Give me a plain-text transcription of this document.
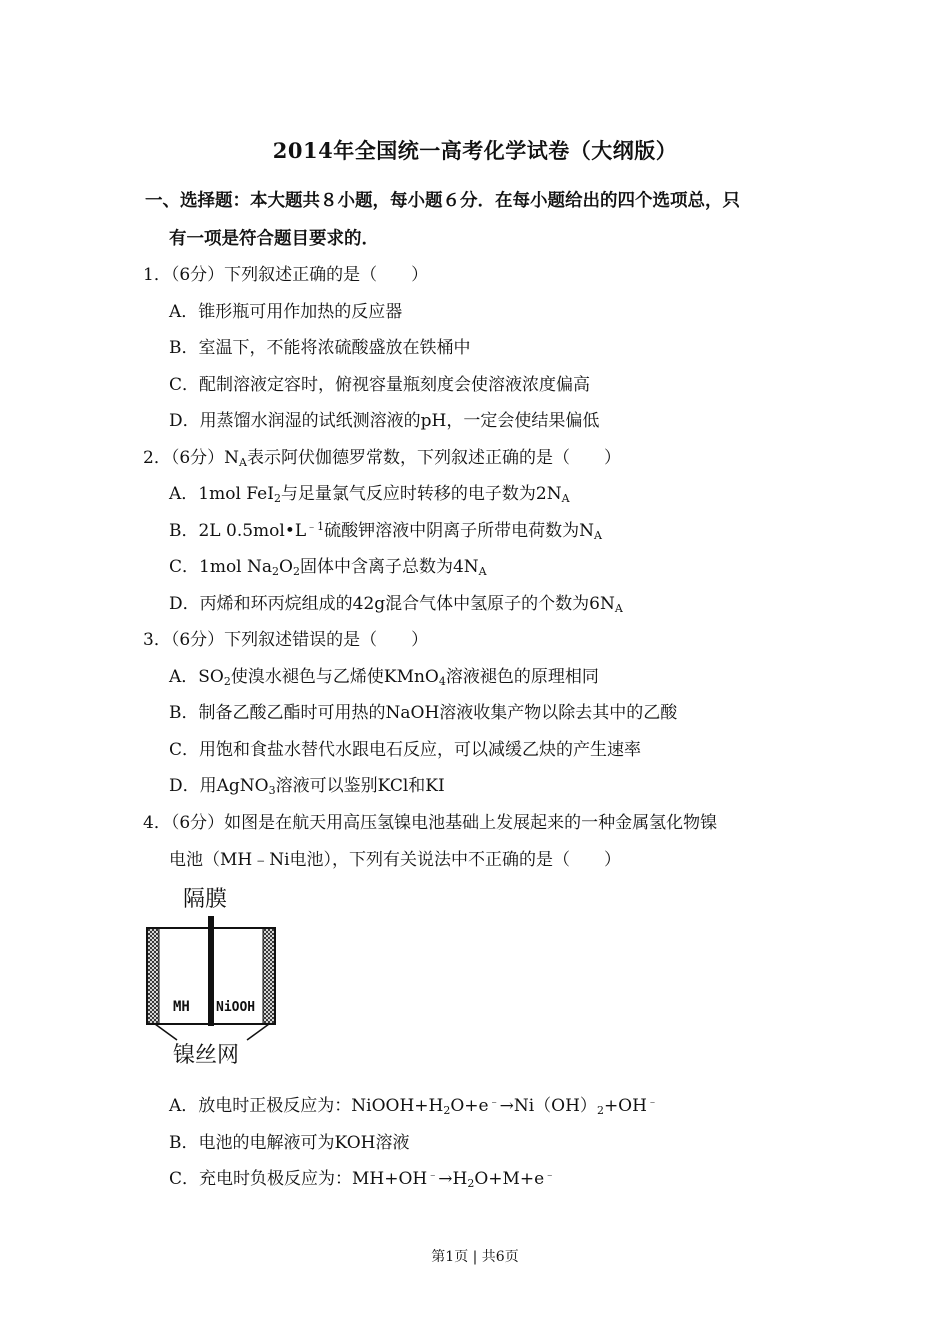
2014年全国统一高考化学试卷（大纲版）
一、选择题：本大题共８小题，每小题６分．在每小题给出的四个选项总，只
有一项是符合题目要求的．
1．（6分）下列叙述正确的是（　　）
A．锥形瓶可用作加热的反应器
B．室温下，不能将浓硫酸盛放在铁桶中
C．配制溶液定容时，俯视容量瓶刻度会使溶液浓度偏高
D．用蒸馏水润湿的试纸测溶液的pH，一定会使结果偏低
2．（6分）$N_A$表示阿伏伽德罗常数，下列叙述正确的是（　　）
A．1mol FeI$_2$与足量氯气反应时转移的电子数为$2N_A$
B．2L $0.5mol•L^{﹣1}$硫酸钾溶液中阴离子所带电荷数为$N_A$
C．1mol $Na_2O_2$固体中含离子总数为$4N_A$
D．丙烯和环丙烷组成的42g混合气体中氢原子的个数为$6N_A$
3．（6分）下列叙述错误的是（　　）
A．$SO_2$使溴水褪色与乙烯使KMnO$_4$溶液褪色的原理相同
B．制备乙酸乙酯时可用热的NaOH溶液收集产物以除去其中的乙酸
C．用饱和食盐水替代水跟电石反应，可以减缓乙炔的产生速率
D．用AgNO$_3$溶液可以鉴别KCl和KI
4．（6分）如图是在航天用高压氢镍电池基础上发展起来的一种金属氢化物镍
电池（MH﹣Ni电池），下列有关说法中不正确的是（　　）
隔膜
MH NiOOH
镍丝网
A．放电时正极反应为：$NiOOH+H_2O+e^﹣\to Ni(OH)_2+OH^﹣$
B．电池的电解液可为KOH溶液
C．充电时负极反应为：$MH+OH^﹣\to H_2O+M+e^﹣$
第1页 | 共6页
